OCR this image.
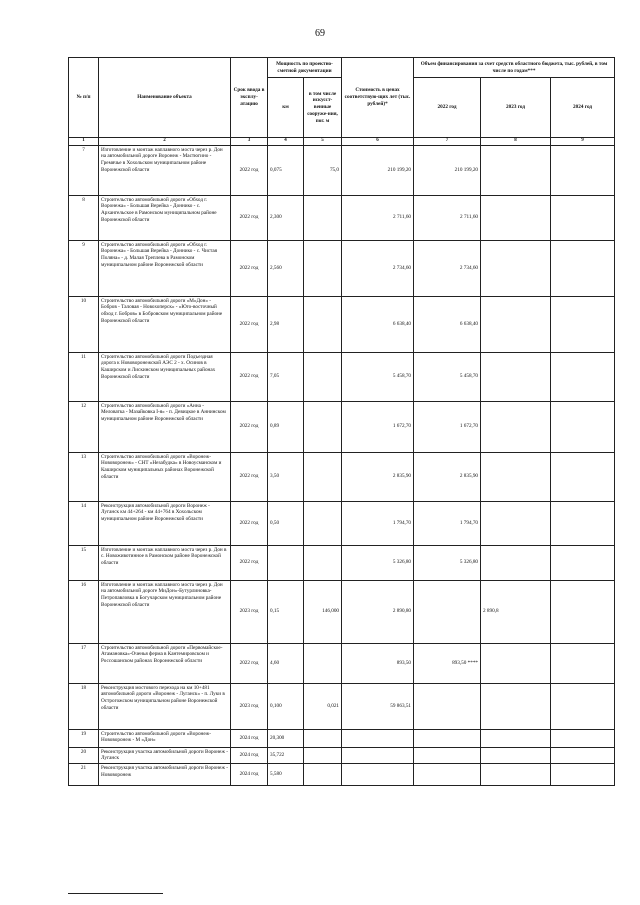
69
№ п/п	Наименование объекта	Срок ввода в эксплу-атацию	Мощность по проектно-сметной документации		Стоимость в ценах соответствую-щих лет (тыс. рублей)*	Объем финансирования за счет средств областного бюджета, тыс. рублей, в том числе по годам***		
			км	в том числе искусст-венные сооруже-ния, пог. м		2022 год	2023 год	2024 год

1	2	3	4	5	6	7	8	9
7	Изготовление и монтаж наплавного моста через р. Дон на автомобильной дороге Воронеж - Мастюгино - Гремячье в Хохольском муниципальном районе Воронежской области	2022 год	0,075	75,0	210 199,20	210 199,20		
8	Строительство автомобильной дороги «Обход г. Воронежа» - Большая Верейка - Доннико - с. Архангельское в Рамонском муниципальном районе Воронежской области	2022 год	2,300		2 711,60	2 711,60		
9	Строительство автомобильной дороги «Обход г. Воронежа» - Большая Верейка - Доннико - с. Чистая Поляна» - д. Малая Треплева в Рамонском муниципальном районе Воронежской области	2022 год	2,560		2 734,60	2 734,60		
10	Строительство автомобильной дороги «М«Дон» - Бобров - Таловая - Новохоперск» - «Юго-восточный обход г. Бобров» в Бобровском муниципальном районе Воронежской области	2022 год	2,98		6 638,40	6 638,40		
11	Строительство автомобильной дороги Подъездная дорога к Нововоронежской АЭС 2 - х. Осинов в Каширском и Лискинском муниципальных районах Воронежской области	2022 год	7,05		5 458,70	5 458,70		
12	Строительство автомобильной дороги «Анна - Меловатка - Мазайковка I-я» - п. Девицкое в Аннинском муниципальном районе Воронежской области	2022 год	0,89		1 672,70	1 672,70		
13	Строительство автомобильной дороги «Воронеж-Нововоронеж» - СНТ «Незабудка» в Новоусманском и Каширском муниципальных районах Воронежской области	2022 год	3,50		2 835,90	2 835,90		
14	Реконструкция автомобильной дороги Воронеж - Луганск км 44+264 - км 44+764 в Хохольском муниципальном районе Воронежской области	2022 год	0,50		1 794,70	1 794,70		
15	Изготовление и монтаж наплавного моста через р. Дон в с. Новоживотинное в Рамонском районе Воронежской области	2022 год			5 326,80	5 326,80		
16	Изготовление и монтаж наплавного моста через р. Дон на автомобильной дороге МиДон»-Бутурлиновка-Петропавловка в Богучарском муниципальном районе Воронежской области	2023 год	0,15	146,000	2 890,80		2 890,8	
17	Строительство автомобильной дороги «Первомайское-Атамановка»-Оченья ферма в Кантемировском и Россошанском районах Воронежской области	2022 год	4,60		893,50	893,50 ****		
18	Реконструкция мостового перехода на км 10+481 автомобильной дороги «Воронеж - Луганск» - п. Луки в Острогожском муниципальном районе Воронежской области	2023 год	0,100	0,021	59 863,51			
19	Строительство автомобильной дороги «Воронеж-Нововоронеж - М «Дон»	2024 год	20,300					
20	Реконструкция участка автомобильной дороги Воронеж - Луганск	2024 год	35,722					
21	Реконструкция участка автомобильной дороги Воронеж - Нововоронеж	2024 год	5,580					
